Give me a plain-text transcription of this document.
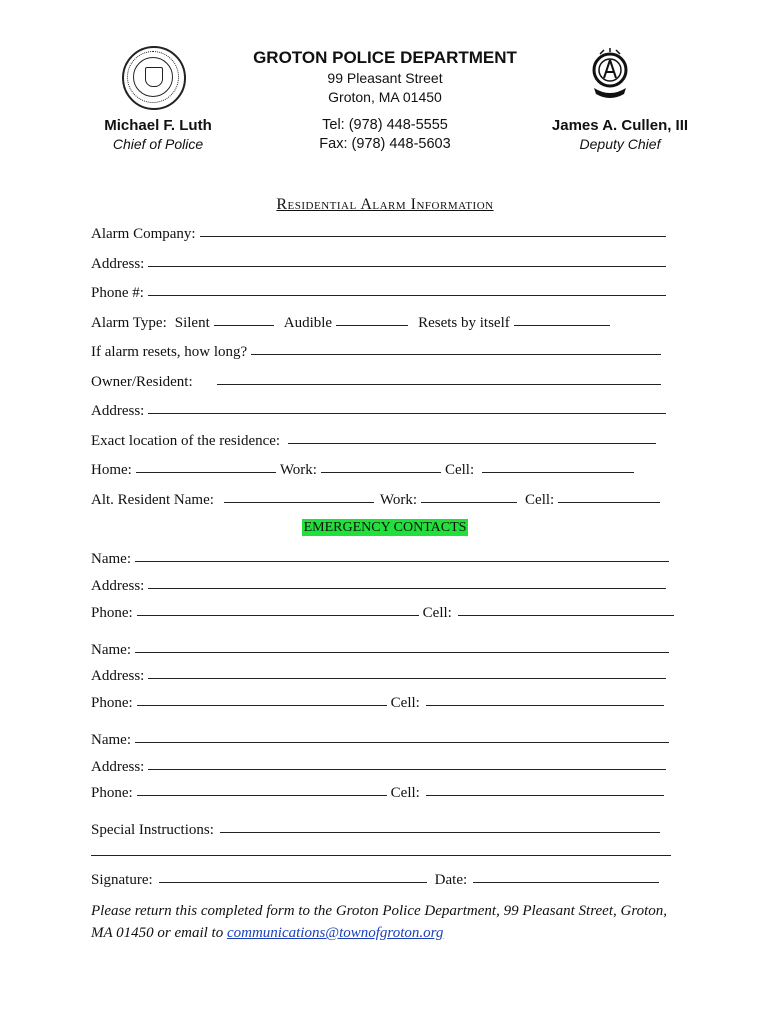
GROTON POLICE DEPARTMENT
99 Pleasant Street
Groton, MA 01450
Michael F. Luth
Chief of Police
Tel: (978) 448-5555
Fax: (978) 448-5603
James A. Cullen, III
Deputy Chief
Residential Alarm Information
Alarm Company:
Address:
Phone #:
Alarm Type: Silent	Audible	Resets by itself
If alarm resets, how long?
Owner/Resident:
Address:
Exact location of the residence:
Home:	Work:	Cell:
Alt. Resident Name:	Work:	Cell:
EMERGENCY CONTACTS
Name:
Address:
Phone:	Cell:
Name:
Address:
Phone:	Cell:
Name:
Address:
Phone:	Cell:
Special Instructions:
Signature:	Date:
Please return this completed form to the Groton Police Department, 99 Pleasant Street, Groton, MA 01450 or email to communications@townofgroton.org
